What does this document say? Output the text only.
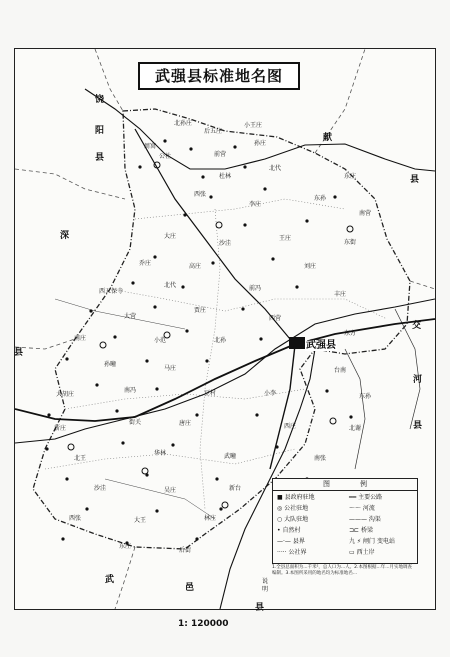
武强县标准地名图
北孙庄
后五庄
小王庄
周窝
公社	前营
孙庄
杜林
北代
东庄
西张
东孙
李庄
南营
大庄
沙洼
王庄
东街
乔庄	高庄	刘庄
西五保寺
北代	前冯
丰庄
大营
贾庄
西营
南庄	小范	北孙
东方
孙疃
马庄	台南
大胡庄
南冯	豆村	小李	东孙
新庄
街关	唐庄	西庄	北谢
北王
华林	武疃	南张
沙洼	吴庄	新台
西张	大王	林庄
东庄
后街
饶
阳
县
深
县
献
县
交
河
县
武
邑
县
武强县
图例
■ 县政府驻地
◎ 公社驻地
○ 大队驻地
• 自然村
—·— 县界
····· 公社界
━━ 主要公路
〜〜 河流
——— 沟渠
⊐⊏ 桥梁
九 ⚡ 闸门 变电站
▭ 西土岸
说明
1.全县总面积为...千米²，总人口为...人。2.本图根据...年...月实地调查编制。3.本图所采用的地名均为标准地名...
1: 120000
